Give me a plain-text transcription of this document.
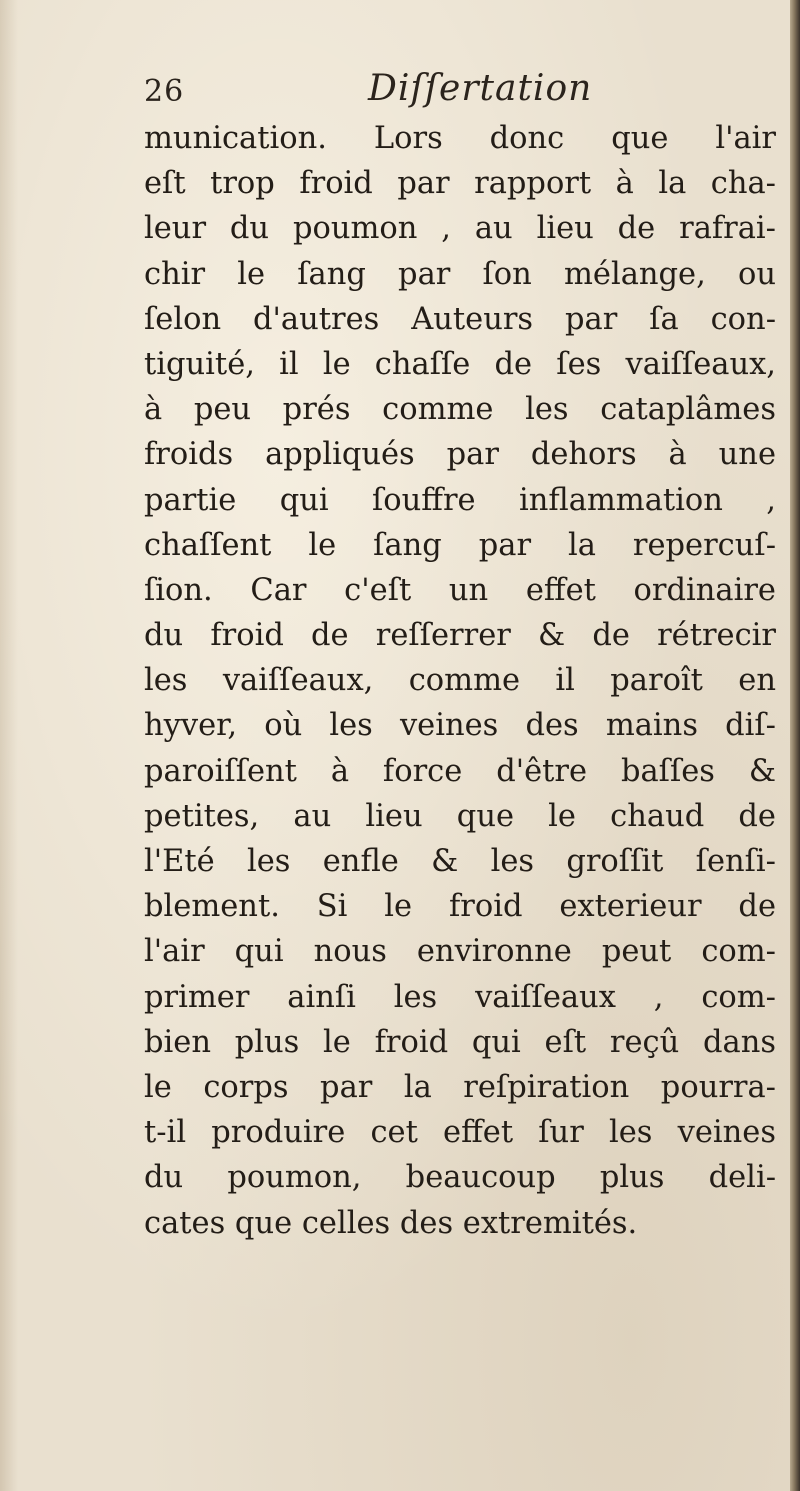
26	Diſſertation
munication. Lors donc que l'air
eſt trop froid par rapport à la cha-
leur du poumon , au lieu de rafrai-
chir le ſang par ſon mélange, ou
ſelon d'autres Auteurs par ſa con-
tiguité, il le chaſſe de ſes vaiſſeaux,
à peu prés comme les cataplâmes
froids appliqués par dehors à une
partie qui ſouffre inflammation ,
chaſſent le ſang par la repercuſ-
ſion. Car c'eſt un effet ordinaire
du froid de reſſerrer & de rétrecir
les vaiſſeaux, comme il paroît en
hyver, où les veines des mains diſ-
paroiſſent à force d'être baſſes &
petites, au lieu que le chaud de
l'Eté les enfle & les groſſit ſenſi-
blement. Si le froid exterieur de
l'air qui nous environne peut com-
primer ainſi les vaiſſeaux , com-
bien plus le froid qui eſt reçû dans
le corps par la reſpiration pourra-
t-il produire cet effet ſur les veines
du poumon, beaucoup plus deli-
cates que celles des extremités.
